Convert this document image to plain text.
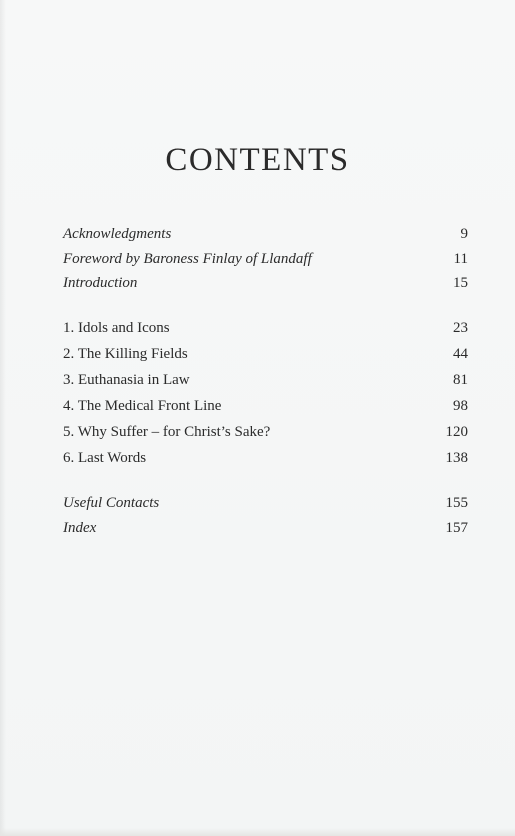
CONTENTS
Acknowledgments	9
Foreword by Baroness Finlay of Llandaff	11
Introduction	15
1. Idols and Icons	23
2. The Killing Fields	44
3. Euthanasia in Law	81
4. The Medical Front Line	98
5. Why Suffer – for Christ’s Sake?	120
6. Last Words	138
Useful Contacts	155
Index	157
